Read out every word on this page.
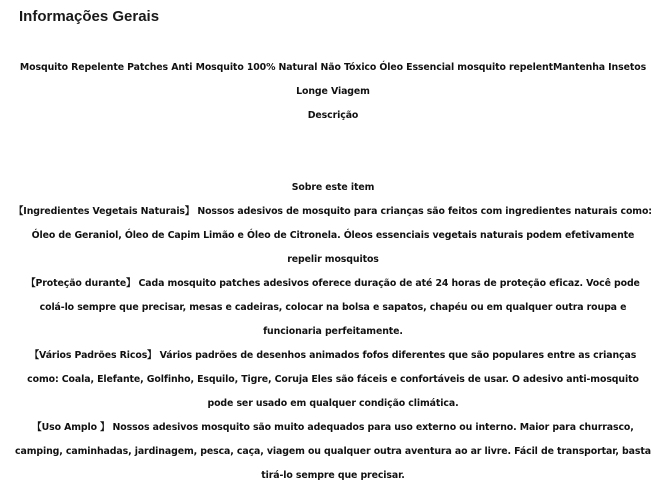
Informações Gerais

Mosquito Repelente Patches Anti Mosquito 100% Natural Não Tóxico Óleo Essencial mosquito repelentMantenha Insetos Longe Viagem

Descrição

Sobre este item

【Ingredientes Vegetais Naturais】 Nossos adesivos de mosquito para crianças são feitos com ingredientes naturais como: Óleo de Geraniol, Óleo de Capim Limão e Óleo de Citronela. Óleos essenciais vegetais naturais podem efetivamente repelir mosquitos

【Proteção durante】 Cada mosquito patches adesivos oferece duração de até 24 horas de proteção eficaz. Você pode colá-lo sempre que precisar, mesas e cadeiras, colocar na bolsa e sapatos, chapéu ou em qualquer outra roupa e funcionaria perfeitamente.

【Vários Padrões Ricos】 Vários padrões de desenhos animados fofos diferentes que são populares entre as crianças como: Coala, Elefante, Golfinho, Esquilo, Tigre, Coruja Eles são fáceis e confortáveis de usar. O adesivo anti-mosquito pode ser usado em qualquer condição climática.

【Uso Amplo 】 Nossos adesivos mosquito são muito adequados para uso externo ou interno. Maior para churrasco, camping, caminhadas, jardinagem, pesca, caça, viagem ou qualquer outra aventura ao ar livre. Fácil de transportar, basta tirá-lo sempre que precisar.
